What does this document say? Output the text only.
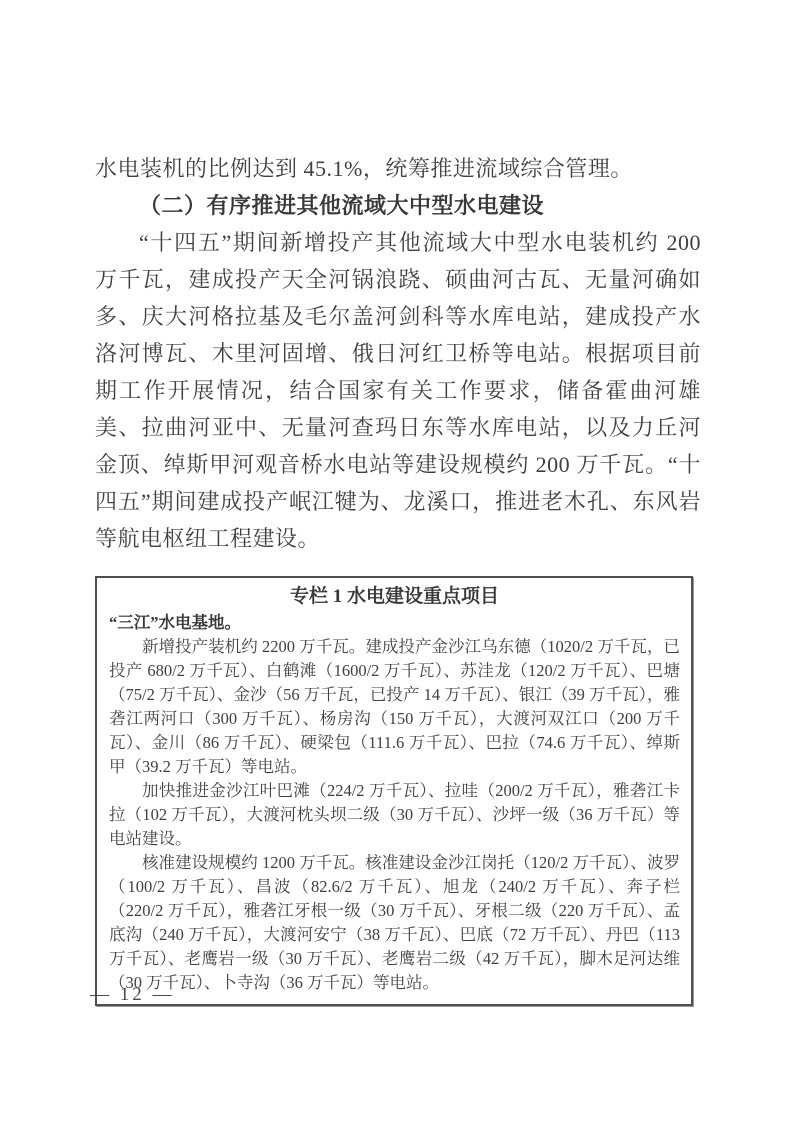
水电装机的比例达到 45.1%，统筹推进流域综合管理。

（二）有序推进其他流域大中型水电建设

“十四五”期间新增投产其他流域大中型水电装机约 200 万千瓦，建成投产天全河锅浪跷、硕曲河古瓦、无量河确如多、庆大河格拉基及毛尔盖河剑科等水库电站，建成投产水洛河博瓦、木里河固增、俄日河红卫桥等电站。根据项目前期工作开展情况，结合国家有关工作要求，储备霍曲河雄美、拉曲河亚中、无量河查玛日东等水库电站，以及力丘河金顶、绰斯甲河观音桥水电站等建设规模约 200 万千瓦。“十四五”期间建成投产岷江犍为、龙溪口，推进老木孔、东风岩等航电枢纽工程建设。

专栏 1 水电建设重点项目
“三江”水电基地。

新增投产装机约 2200 万千瓦。建成投产金沙江乌东德（1020/2 万千瓦，已投产 680/2 万千瓦）、白鹤滩（1600/2 万千瓦）、苏洼龙（120/2 万千瓦）、巴塘（75/2 万千瓦）、金沙（56 万千瓦，已投产 14 万千瓦）、银江（39 万千瓦），雅砻江两河口（300 万千瓦）、杨房沟（150 万千瓦），大渡河双江口（200 万千瓦）、金川（86 万千瓦）、硬梁包（111.6 万千瓦）、巴拉（74.6 万千瓦）、绰斯甲（39.2 万千瓦）等电站。

加快推进金沙江叶巴滩（224/2 万千瓦）、拉哇（200/2 万千瓦），雅砻江卡拉（102 万千瓦），大渡河枕头坝二级（30 万千瓦）、沙坪一级（36 万千瓦）等电站建设。

核准建设规模约 1200 万千瓦。核准建设金沙江岗托（120/2 万千瓦）、波罗（100/2 万千瓦）、昌波（82.6/2 万千瓦）、旭龙（240/2 万千瓦）、奔子栏（220/2 万千瓦），雅砻江牙根一级（30 万千瓦）、牙根二级（220 万千瓦）、孟底沟（240 万千瓦），大渡河安宁（38 万千瓦）、巴底（72 万千瓦）、丹巴（113 万千瓦）、老鹰岩一级（30 万千瓦）、老鹰岩二级（42 万千瓦），脚木足河达维（30 万千瓦）、卜寺沟（36 万千瓦）等电站。

— 12 —
